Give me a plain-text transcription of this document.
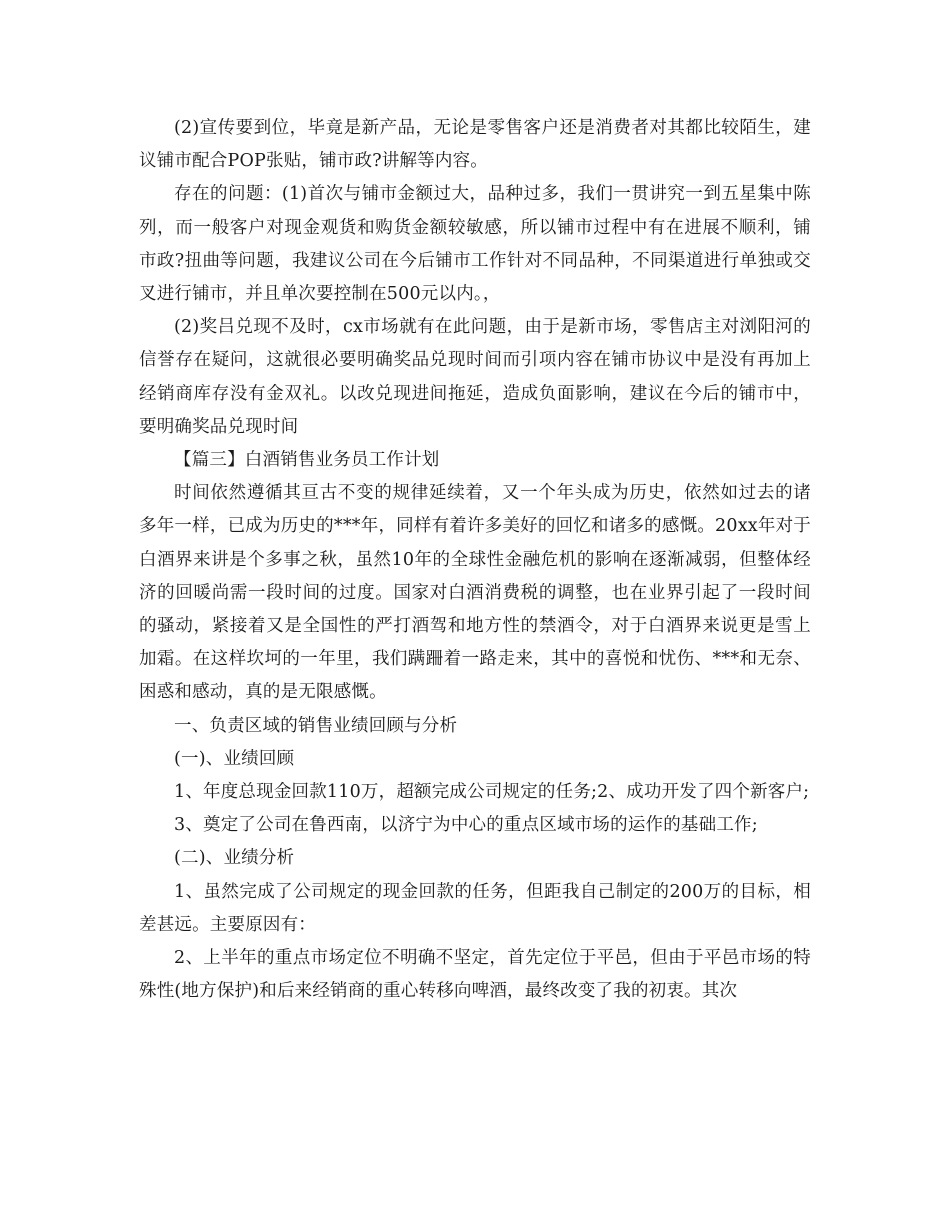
(2)宣传要到位，毕竟是新产品，无论是零售客户还是消费者对其都比较陌生，建议铺市配合POP张贴，铺市政?讲解等内容。

存在的问题：(1)首次与铺市金额过大，品种过多，我们一贯讲究一到五星集中陈列，而一般客户对现金观货和购货金额较敏感，所以铺市过程中有在进展不顺利，铺市政?扭曲等问题，我建议公司在今后铺市工作针对不同品种，不同渠道进行单独或交叉进行铺市，并且单次要控制在500元以内。，

(2)奖吕兑现不及时，cx市场就有在此问题，由于是新市场，零售店主对浏阳河的信誉存在疑问，这就很必要明确奖品兑现时间而引项内容在铺市协议中是没有再加上经销商库存没有金双礼。以改兑现进间拖延，造成负面影响，建议在今后的铺市中，要明确奖品兑现时间

【篇三】白酒销售业务员工作计划

时间依然遵循其亘古不变的规律延续着，又一个年头成为历史，依然如过去的诸多年一样，已成为历史的***年，同样有着许多美好的回忆和诸多的感慨。20xx年对于白酒界来讲是个多事之秋，虽然10年的全球性金融危机的影响在逐渐减弱，但整体经济的回暖尚需一段时间的过度。国家对白酒消费税的调整，也在业界引起了一段时间的骚动，紧接着又是全国性的严打酒驾和地方性的禁酒令，对于白酒界来说更是雪上加霜。在这样坎坷的一年里，我们蹒跚着一路走来，其中的喜悦和忧伤、***和无奈、困惑和感动，真的是无限感慨。

一、负责区域的销售业绩回顾与分析

(一)、业绩回顾

1、年度总现金回款110万，超额完成公司规定的任务;2、成功开发了四个新客户;

3、奠定了公司在鲁西南，以济宁为中心的重点区域市场的运作的基础工作;

(二)、业绩分析

1、虽然完成了公司规定的现金回款的任务，但距我自己制定的200万的目标，相差甚远。主要原因有：

2、上半年的重点市场定位不明确不坚定，首先定位于平邑，但由于平邑市场的特殊性(地方保护)和后来经销商的重心转移向啤酒，最终改变了我的初衷。其次
